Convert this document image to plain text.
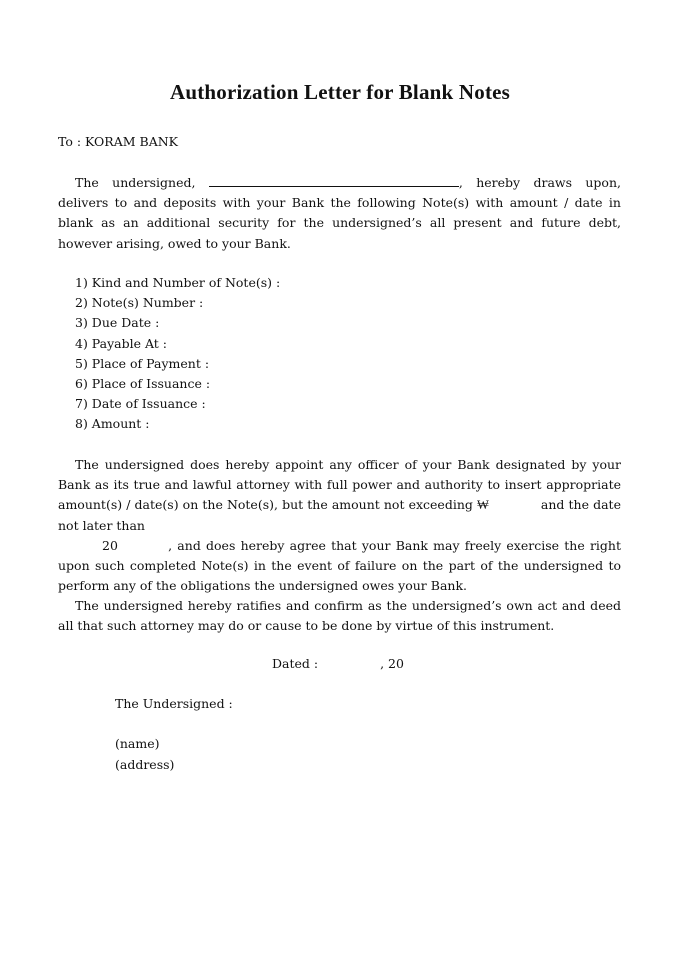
Authorization Letter for Blank Notes
To : KORAM BANK
The undersigned,	, hereby draws upon, delivers to and deposits with your Bank the following Note(s) with amount / date in blank as an additional security for the undersigned’s all present and future debt, however arising, owed to your Bank.
1) Kind and Number of Note(s) :
2) Note(s) Number :
3) Due Date :
4) Payable At :
5) Place of Payment :
6) Place of Issuance :
7) Date of Issuance :
8) Amount :
The undersigned does hereby appoint any officer of your Bank designated by your Bank as its true and lawful attorney with full power and authority to insert appropriate amount(s) / date(s) on the Note(s), but the amount not exceeding ₩	and the date not later than
20	, and does hereby agree that your Bank may freely exercise the right upon such completed Note(s) in the event of failure on the part of the undersigned to perform any of the obligations the undersigned owes your Bank.
The undersigned hereby ratifies and confirm as the undersigned’s own act and deed all that such attorney may do or cause to be done by virtue of this instrument.
Dated :	, 20
The Undersigned :
(name)
(address)
